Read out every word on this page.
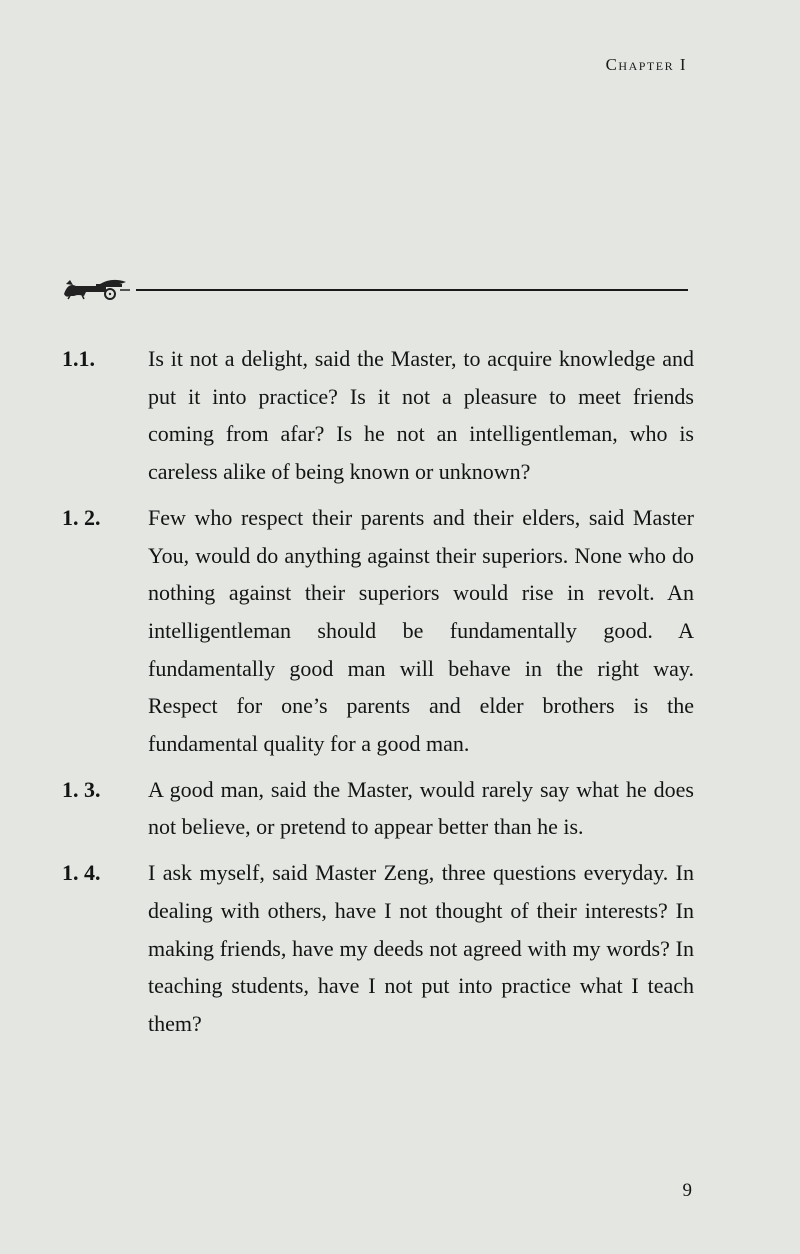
Chapter I
1.1. Is it not a delight, said the Master, to acquire knowledge and put it into practice? Is it not a pleasure to meet friends coming from afar? Is he not an intelligentleman, who is careless alike of being known or unknown?

1. 2. Few who respect their parents and their elders, said Master You, would do anything against their superiors. None who do nothing against their superiors would rise in revolt. An intelligentleman should be fundamentally good. A fundamentally good man will behave in the right way. Respect for one’s parents and elder brothers is the fundamental quality for a good man.

1. 3. A good man, said the Master, would rarely say what he does not believe, or pretend to appear better than he is.

1. 4. I ask myself, said Master Zeng, three questions everyday. In dealing with others, have I not thought of their interests? In making friends, have my deeds not agreed with my words? In teaching students, have I not put into practice what I teach them?

9
